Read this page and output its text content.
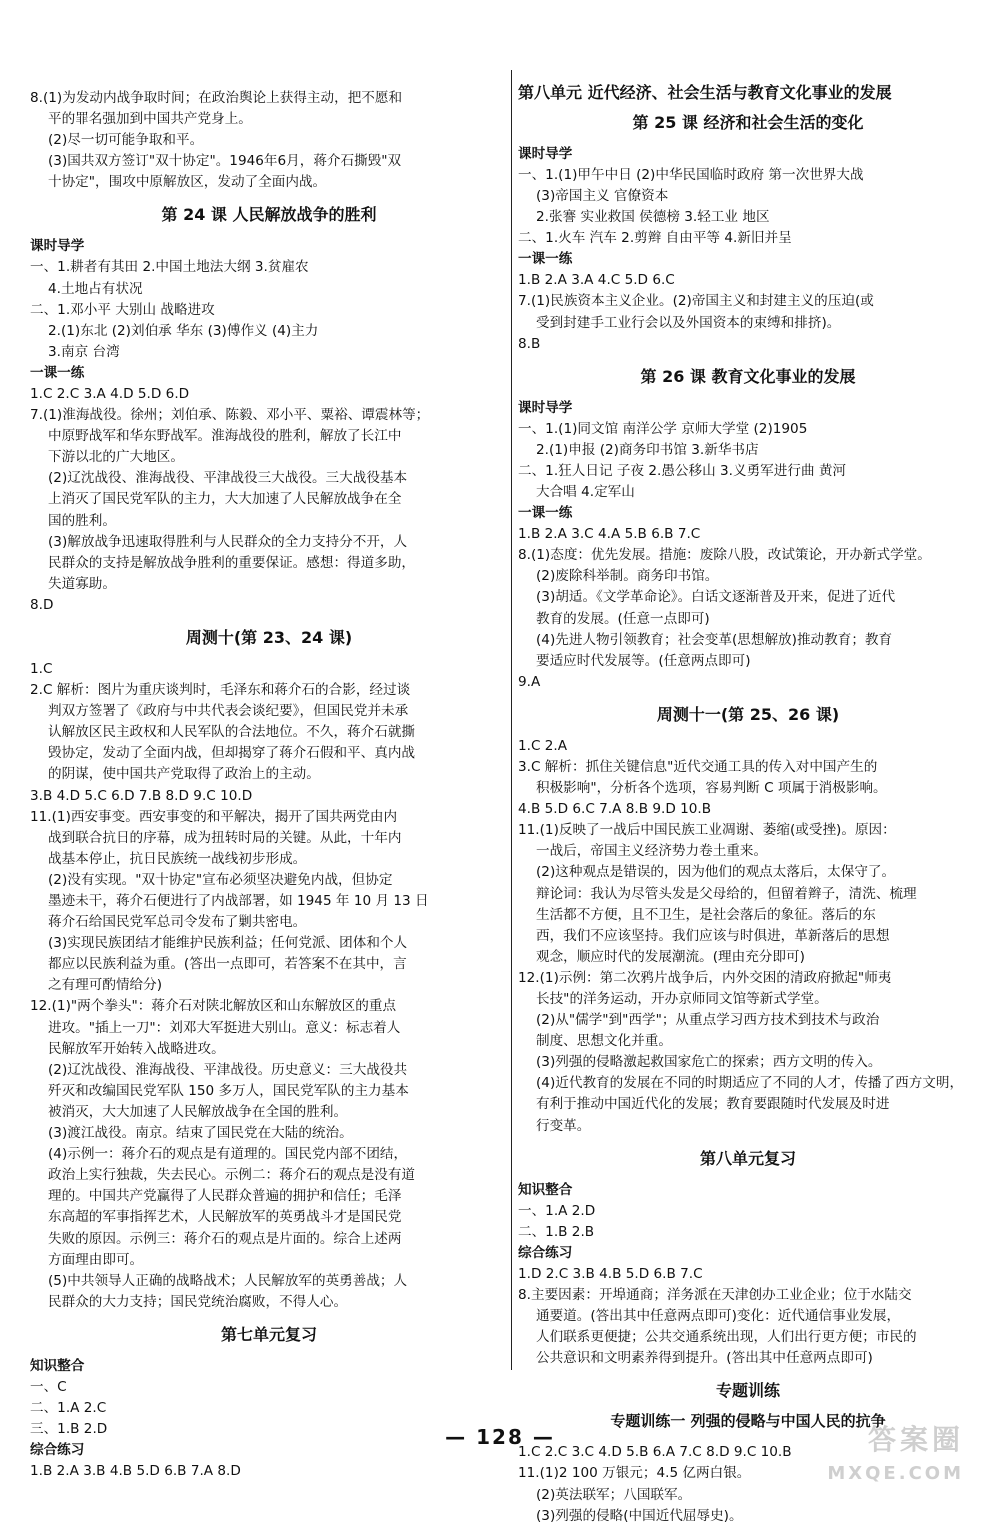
8.(1)为发动内战争取时间；在政治舆论上获得主动，把不愿和
平的罪名强加到中国共产党身上。
(2)尽一切可能争取和平。
(3)国共双方签订"双十协定"。1946年6月，蒋介石撕毁"双
十协定"，围攻中原解放区，发动了全面内战。
第 24 课 人民解放战争的胜利
课时导学
一、1.耕者有其田 2.中国土地法大纲 3.贫雇农
4.土地占有状况
二、1.邓小平 大别山 战略进攻
2.(1)东北 (2)刘伯承 华东 (3)傅作义 (4)主力
3.南京 台湾
一课一练
1.C 2.C 3.A 4.D 5.D 6.D
7.(1)淮海战役。徐州；刘伯承、陈毅、邓小平、粟裕、谭震林等；
中原野战军和华东野战军。淮海战役的胜利，解放了长江中
下游以北的广大地区。
(2)辽沈战役、淮海战役、平津战役三大战役。三大战役基本
上消灭了国民党军队的主力，大大加速了人民解放战争在全
国的胜利。
(3)解放战争迅速取得胜利与人民群众的全力支持分不开，人
民群众的支持是解放战争胜利的重要保证。感想：得道多助，
失道寡助。
8.D
周测十(第 23、24 课)
1.C
2.C 解析：图片为重庆谈判时，毛泽东和蒋介石的合影，经过谈
判双方签署了《政府与中共代表会谈纪要》，但国民党并未承
认解放区民主政权和人民军队的合法地位。不久，蒋介石就撕
毁协定，发动了全面内战，但却揭穿了蒋介石假和平、真内战
的阴谋，使中国共产党取得了政治上的主动。
3.B 4.D 5.C 6.D 7.B 8.D 9.C 10.D
11.(1)西安事变。西安事变的和平解决，揭开了国共两党由内
战到联合抗日的序幕，成为扭转时局的关键。从此，十年内
战基本停止，抗日民族统一战线初步形成。
(2)没有实现。"双十协定"宣布必须坚决避免内战，但协定
墨迹未干，蒋介石便进行了内战部署，如 1945 年 10 月 13 日
蒋介石给国民党军总司令发布了剿共密电。
(3)实现民族团结才能维护民族利益；任何党派、团体和个人
都应以民族利益为重。(答出一点即可，若答案不在其中，言
之有理可酌情给分)
12.(1)"两个拳头"：蒋介石对陕北解放区和山东解放区的重点
进攻。"插上一刀"：刘邓大军挺进大别山。意义：标志着人
民解放军开始转入战略进攻。
(2)辽沈战役、淮海战役、平津战役。历史意义：三大战役共
歼灭和改编国民党军队 150 多万人，国民党军队的主力基本
被消灭，大大加速了人民解放战争在全国的胜利。
(3)渡江战役。南京。结束了国民党在大陆的统治。
(4)示例一：蒋介石的观点是有道理的。国民党内部不团结，
政治上实行独裁，失去民心。示例二：蒋介石的观点是没有道
理的。中国共产党赢得了人民群众普遍的拥护和信任；毛泽
东高超的军事指挥艺术，人民解放军的英勇战斗才是国民党
失败的原因。示例三：蒋介石的观点是片面的。综合上述两
方面理由即可。
(5)中共领导人正确的战略战术；人民解放军的英勇善战；人
民群众的大力支持；国民党统治腐败，不得人心。
第七单元复习
知识整合
一、C
二、1.A 2.C
三、1.B 2.D
综合练习
1.B 2.A 3.B 4.B 5.D 6.B 7.A 8.D
第八单元 近代经济、社会生活与教育文化事业的发展
第 25 课 经济和社会生活的变化
课时导学
一、1.(1)甲午中日 (2)中华民国临时政府 第一次世界大战
(3)帝国主义 官僚资本
2.张謇 实业救国 侯德榜 3.轻工业 地区
二、1.火车 汽车 2.剪辫 自由平等 4.新旧并呈
一课一练
1.B 2.A 3.A 4.C 5.D 6.C
7.(1)民族资本主义企业。(2)帝国主义和封建主义的压迫(或
受到封建手工业行会以及外国资本的束缚和排挤)。
8.B
第 26 课 教育文化事业的发展
课时导学
一、1.(1)同文馆 南洋公学 京师大学堂 (2)1905
2.(1)申报 (2)商务印书馆 3.新华书店
二、1.狂人日记 子夜 2.愚公移山 3.义勇军进行曲 黄河
大合唱 4.定军山
一课一练
1.B 2.A 3.C 4.A 5.B 6.B 7.C
8.(1)态度：优先发展。措施：废除八股，改试策论，开办新式学堂。
(2)废除科举制。商务印书馆。
(3)胡适。《文学革命论》。白话文逐渐普及开来，促进了近代
教育的发展。(任意一点即可)
(4)先进人物引领教育；社会变革(思想解放)推动教育；教育
要适应时代发展等。(任意两点即可)
9.A
周测十一(第 25、26 课)
1.C 2.A
3.C 解析：抓住关键信息"近代交通工具的传入对中国产生的
积极影响"，分析各个选项，容易判断 C 项属于消极影响。
4.B 5.D 6.C 7.A 8.B 9.D 10.B
11.(1)反映了一战后中国民族工业凋谢、萎缩(或受挫)。原因：
一战后，帝国主义经济势力卷土重来。
(2)这种观点是错误的，因为他们的观点太落后，太保守了。
辩论词：我认为尽管头发是父母给的，但留着辫子，清洗、梳理
生活都不方便，且不卫生，是社会落后的象征。落后的东
西，我们不应该坚持。我们应该与时俱进，革新落后的思想
观念，顺应时代的发展潮流。(理由充分即可)
12.(1)示例：第二次鸦片战争后，内外交困的清政府掀起"师夷
长技"的洋务运动，开办京师同文馆等新式学堂。
(2)从"儒学"到"西学"；从重点学习西方技术到技术与政治
制度、思想文化并重。
(3)列强的侵略激起救国家危亡的探索；西方文明的传入。
(4)近代教育的发展在不同的时期适应了不同的人才，传播了西方文明，
有利于推动中国近代化的发展；教育要跟随时代发展及时进
行变革。
第八单元复习
知识整合
一、1.A 2.D
二、1.B 2.B
综合练习
1.D 2.C 3.B 4.B 5.D 6.B 7.C
8.主要因素：开埠通商；洋务派在天津创办工业企业；位于水陆交
通要道。(答出其中任意两点即可)变化：近代通信事业发展，
人们联系更便捷；公共交通系统出现，人们出行更方便；市民的
公共意识和文明素养得到提升。(答出其中任意两点即可)
专题训练
专题训练一 列强的侵略与中国人民的抗争
1.C 2.C 3.C 4.D 5.B 6.A 7.C 8.D 9.C 10.B
11.(1)2 100 万银元；4.5 亿两白银。
(2)英法联军；八国联军。
(3)列强的侵略(中国近代屈辱史)。
— 128 —	答案圈
MXQE.COM
